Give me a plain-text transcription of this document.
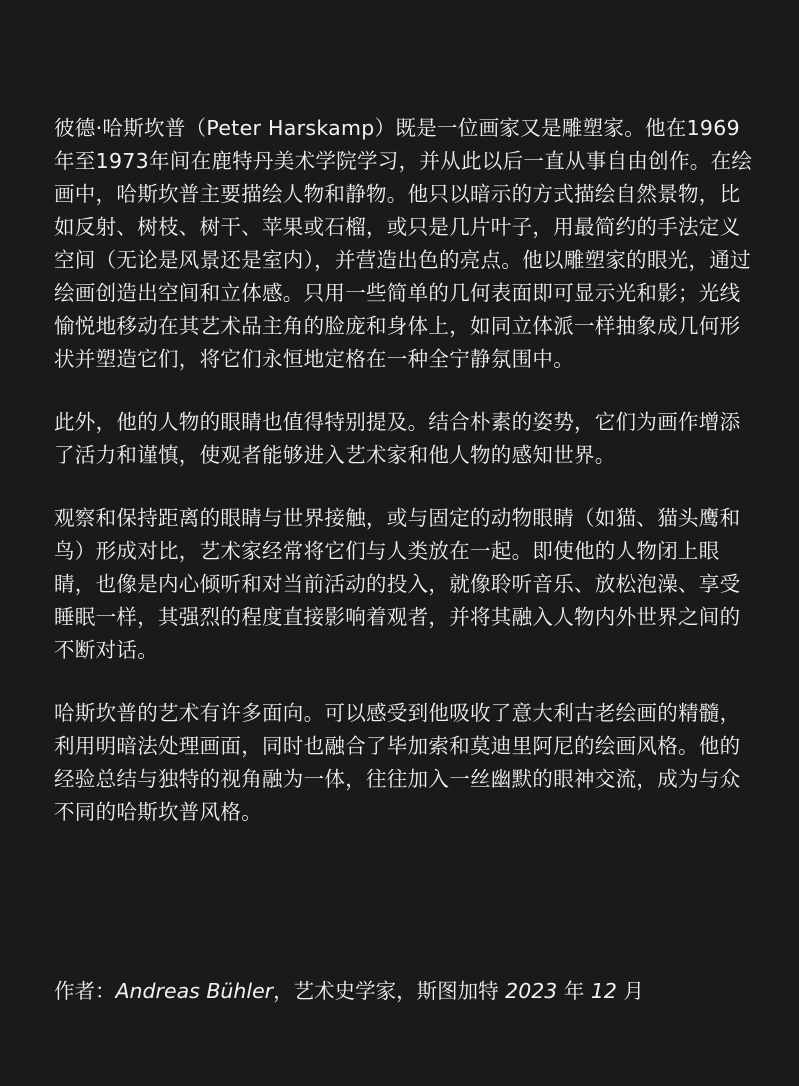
彼德·哈斯坎普（Peter Harskamp）既是一位画家又是雕塑家。他在1969年至1973年间在鹿特丹美术学院学习，并从此以后一直从事自由创作。在绘画中，哈斯坎普主要描绘人物和静物。他只以暗示的方式描绘自然景物，比如反射、树枝、树干、苹果或石榴，或只是几片叶子，用最简约的手法定义空间（无论是风景还是室内），并营造出色的亮点。他以雕塑家的眼光，通过绘画创造出空间和立体感。只用一些简单的几何表面即可显示光和影；光线愉悦地移动在其艺术品主角的脸庞和身体上，如同立体派一样抽象成几何形状并塑造它们，将它们永恒地定格在一种全宁静氛围中。

此外，他的人物的眼睛也值得特别提及。结合朴素的姿势，它们为画作增添了活力和谨慎，使观者能够进入艺术家和他人物的感知世界。

观察和保持距离的眼睛与世界接触，或与固定的动物眼睛（如猫、猫头鹰和鸟）形成对比，艺术家经常将它们与人类放在一起。即使他的人物闭上眼睛，也像是内心倾听和对当前活动的投入，就像聆听音乐、放松泡澡、享受睡眠一样，其强烈的程度直接影响着观者，并将其融入人物内外世界之间的不断对话。

哈斯坎普的艺术有许多面向。可以感受到他吸收了意大利古老绘画的精髓，利用明暗法处理画面，同时也融合了毕加索和莫迪里阿尼的绘画风格。他的经验总结与独特的视角融为一体，往往加入一丝幽默的眼神交流，成为与众不同的哈斯坎普风格。

作者：Andreas Bühler，艺术史学家，斯图加特 2023 年 12 月
